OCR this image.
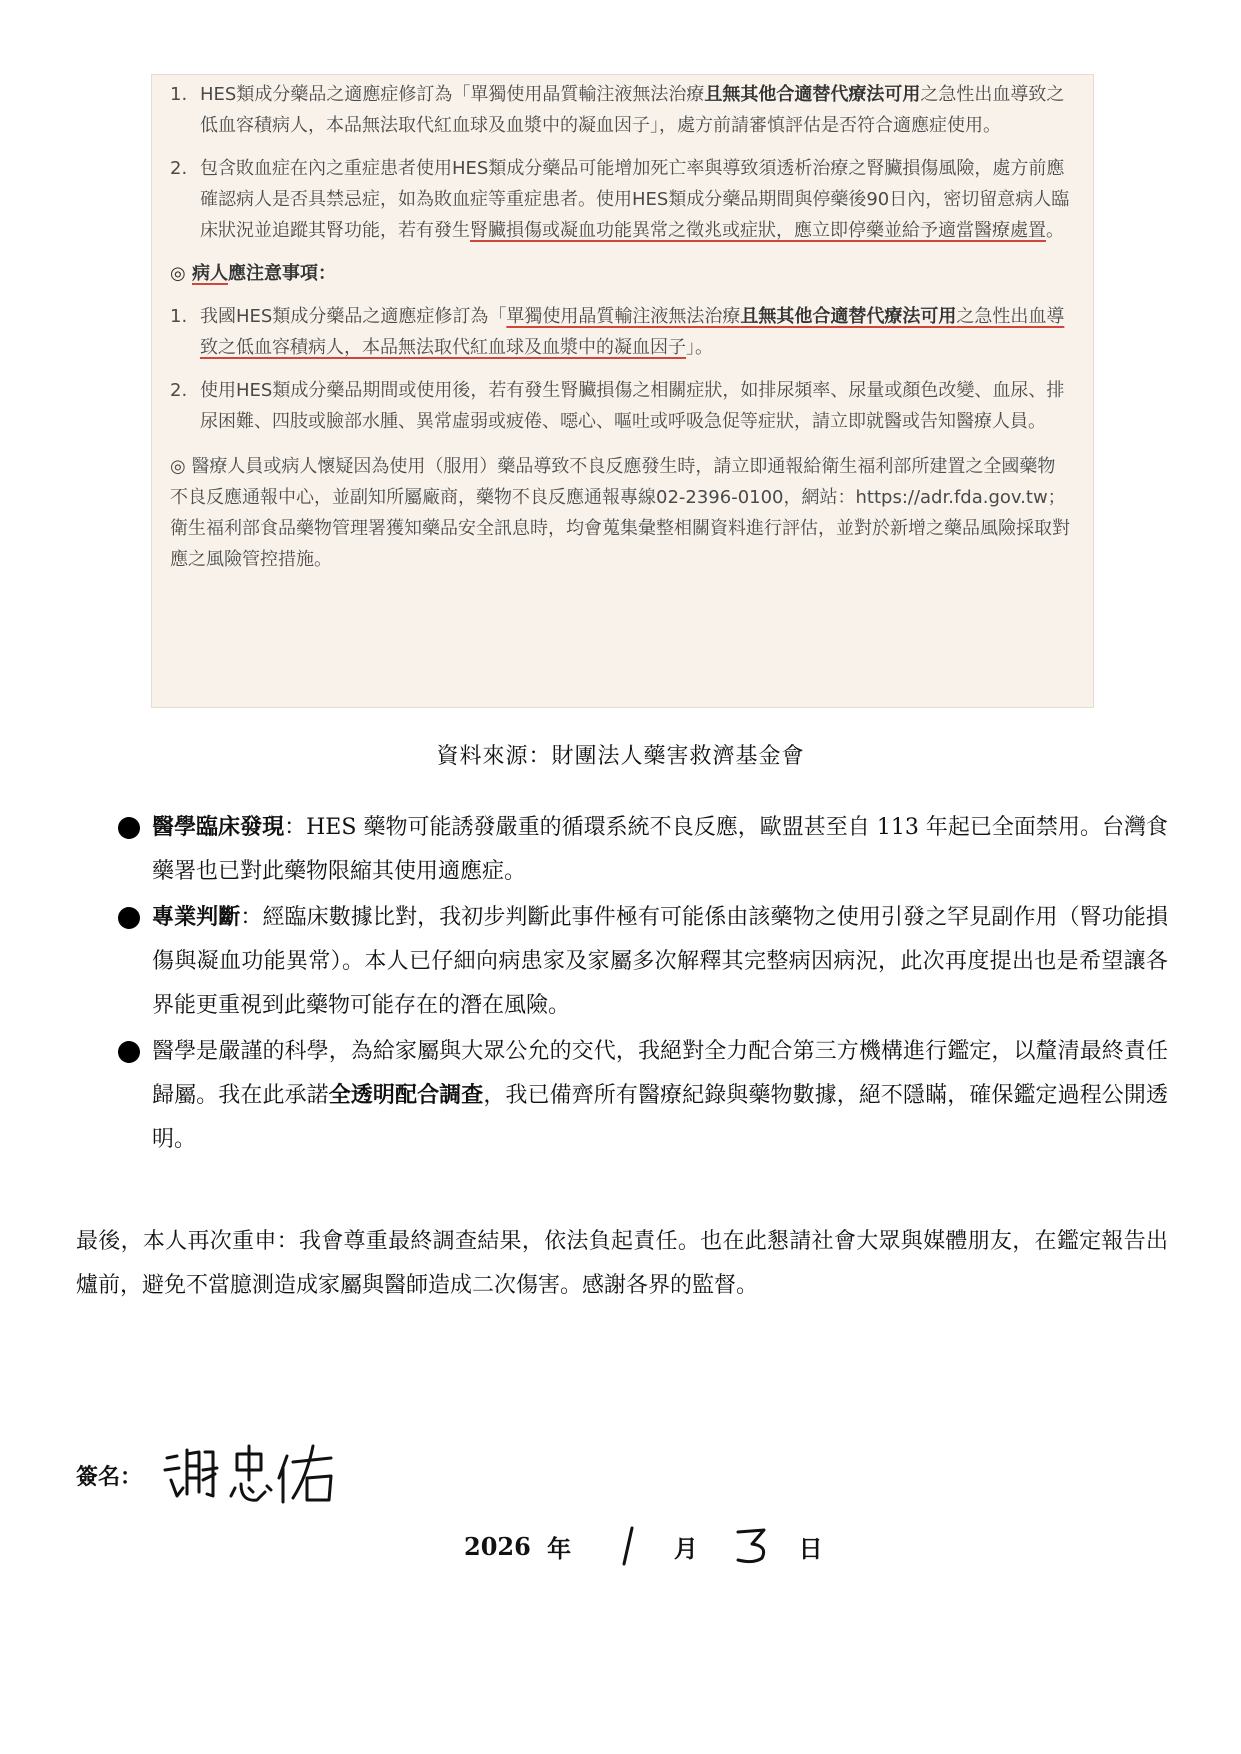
1. HES類成分藥品之適應症修訂為「單獨使用晶質輸注液無法治療且無其他合適替代療法可用之急性出血導致之低血容積病人，本品無法取代紅血球及血漿中的凝血因子」，處方前請審慎評估是否符合適應症使用。
2. 包含敗血症在內之重症患者使用HES類成分藥品可能增加死亡率與導致須透析治療之腎臟損傷風險，處方前應確認病人是否具禁忌症，如為敗血症等重症患者。使用HES類成分藥品期間與停藥後90日內，密切留意病人臨床狀況並追蹤其腎功能，若有發生腎臟損傷或凝血功能異常之徵兆或症狀，應立即停藥並給予適當醫療處置。
◎ 病人應注意事項：
1. 我國HES類成分藥品之適應症修訂為「單獨使用晶質輸注液無法治療且無其他合適替代療法可用之急性出血導致之低血容積病人，本品無法取代紅血球及血漿中的凝血因子」。
2. 使用HES類成分藥品期間或使用後，若有發生腎臟損傷之相關症狀，如排尿頻率、尿量或顏色改變、血尿、排尿困難、四肢或臉部水腫、異常虛弱或疲倦、噁心、嘔吐或呼吸急促等症狀，請立即就醫或告知醫療人員。
◎ 醫療人員或病人懷疑因為使用（服用）藥品導致不良反應發生時，請立即通報給衛生福利部所建置之全國藥物不良反應通報中心，並副知所屬廠商，藥物不良反應通報專線02-2396-0100，網站：https://adr.fda.gov.tw；衛生福利部食品藥物管理署獲知藥品安全訊息時，均會蒐集彙整相關資料進行評估，並對於新增之藥品風險採取對應之風險管控措施。
資料來源：財團法人藥害救濟基金會
醫學臨床發現：HES 藥物可能誘發嚴重的循環系統不良反應，歐盟甚至自 113 年起已全面禁用。台灣食藥署也已對此藥物限縮其使用適應症。
專業判斷：經臨床數據比對，我初步判斷此事件極有可能係由該藥物之使用引發之罕見副作用（腎功能損傷與凝血功能異常）。本人已仔細向病患家及家屬多次解釋其完整病因病況，此次再度提出也是希望讓各界能更重視到此藥物可能存在的潛在風險。
醫學是嚴謹的科學，為給家屬與大眾公允的交代，我絕對全力配合第三方機構進行鑑定，以釐清最終責任歸屬。我在此承諾全透明配合調查，我已備齊所有醫療紀錄與藥物數據，絕不隱瞞，確保鑑定過程公開透明。
最後，本人再次重申：我會尊重最終調查結果，依法負起責任。也在此懇請社會大眾與媒體朋友，在鑑定報告出爐前，避免不當臆測造成家屬與醫師造成二次傷害。感謝各界的監督。
簽名：
2026 年	月	日
